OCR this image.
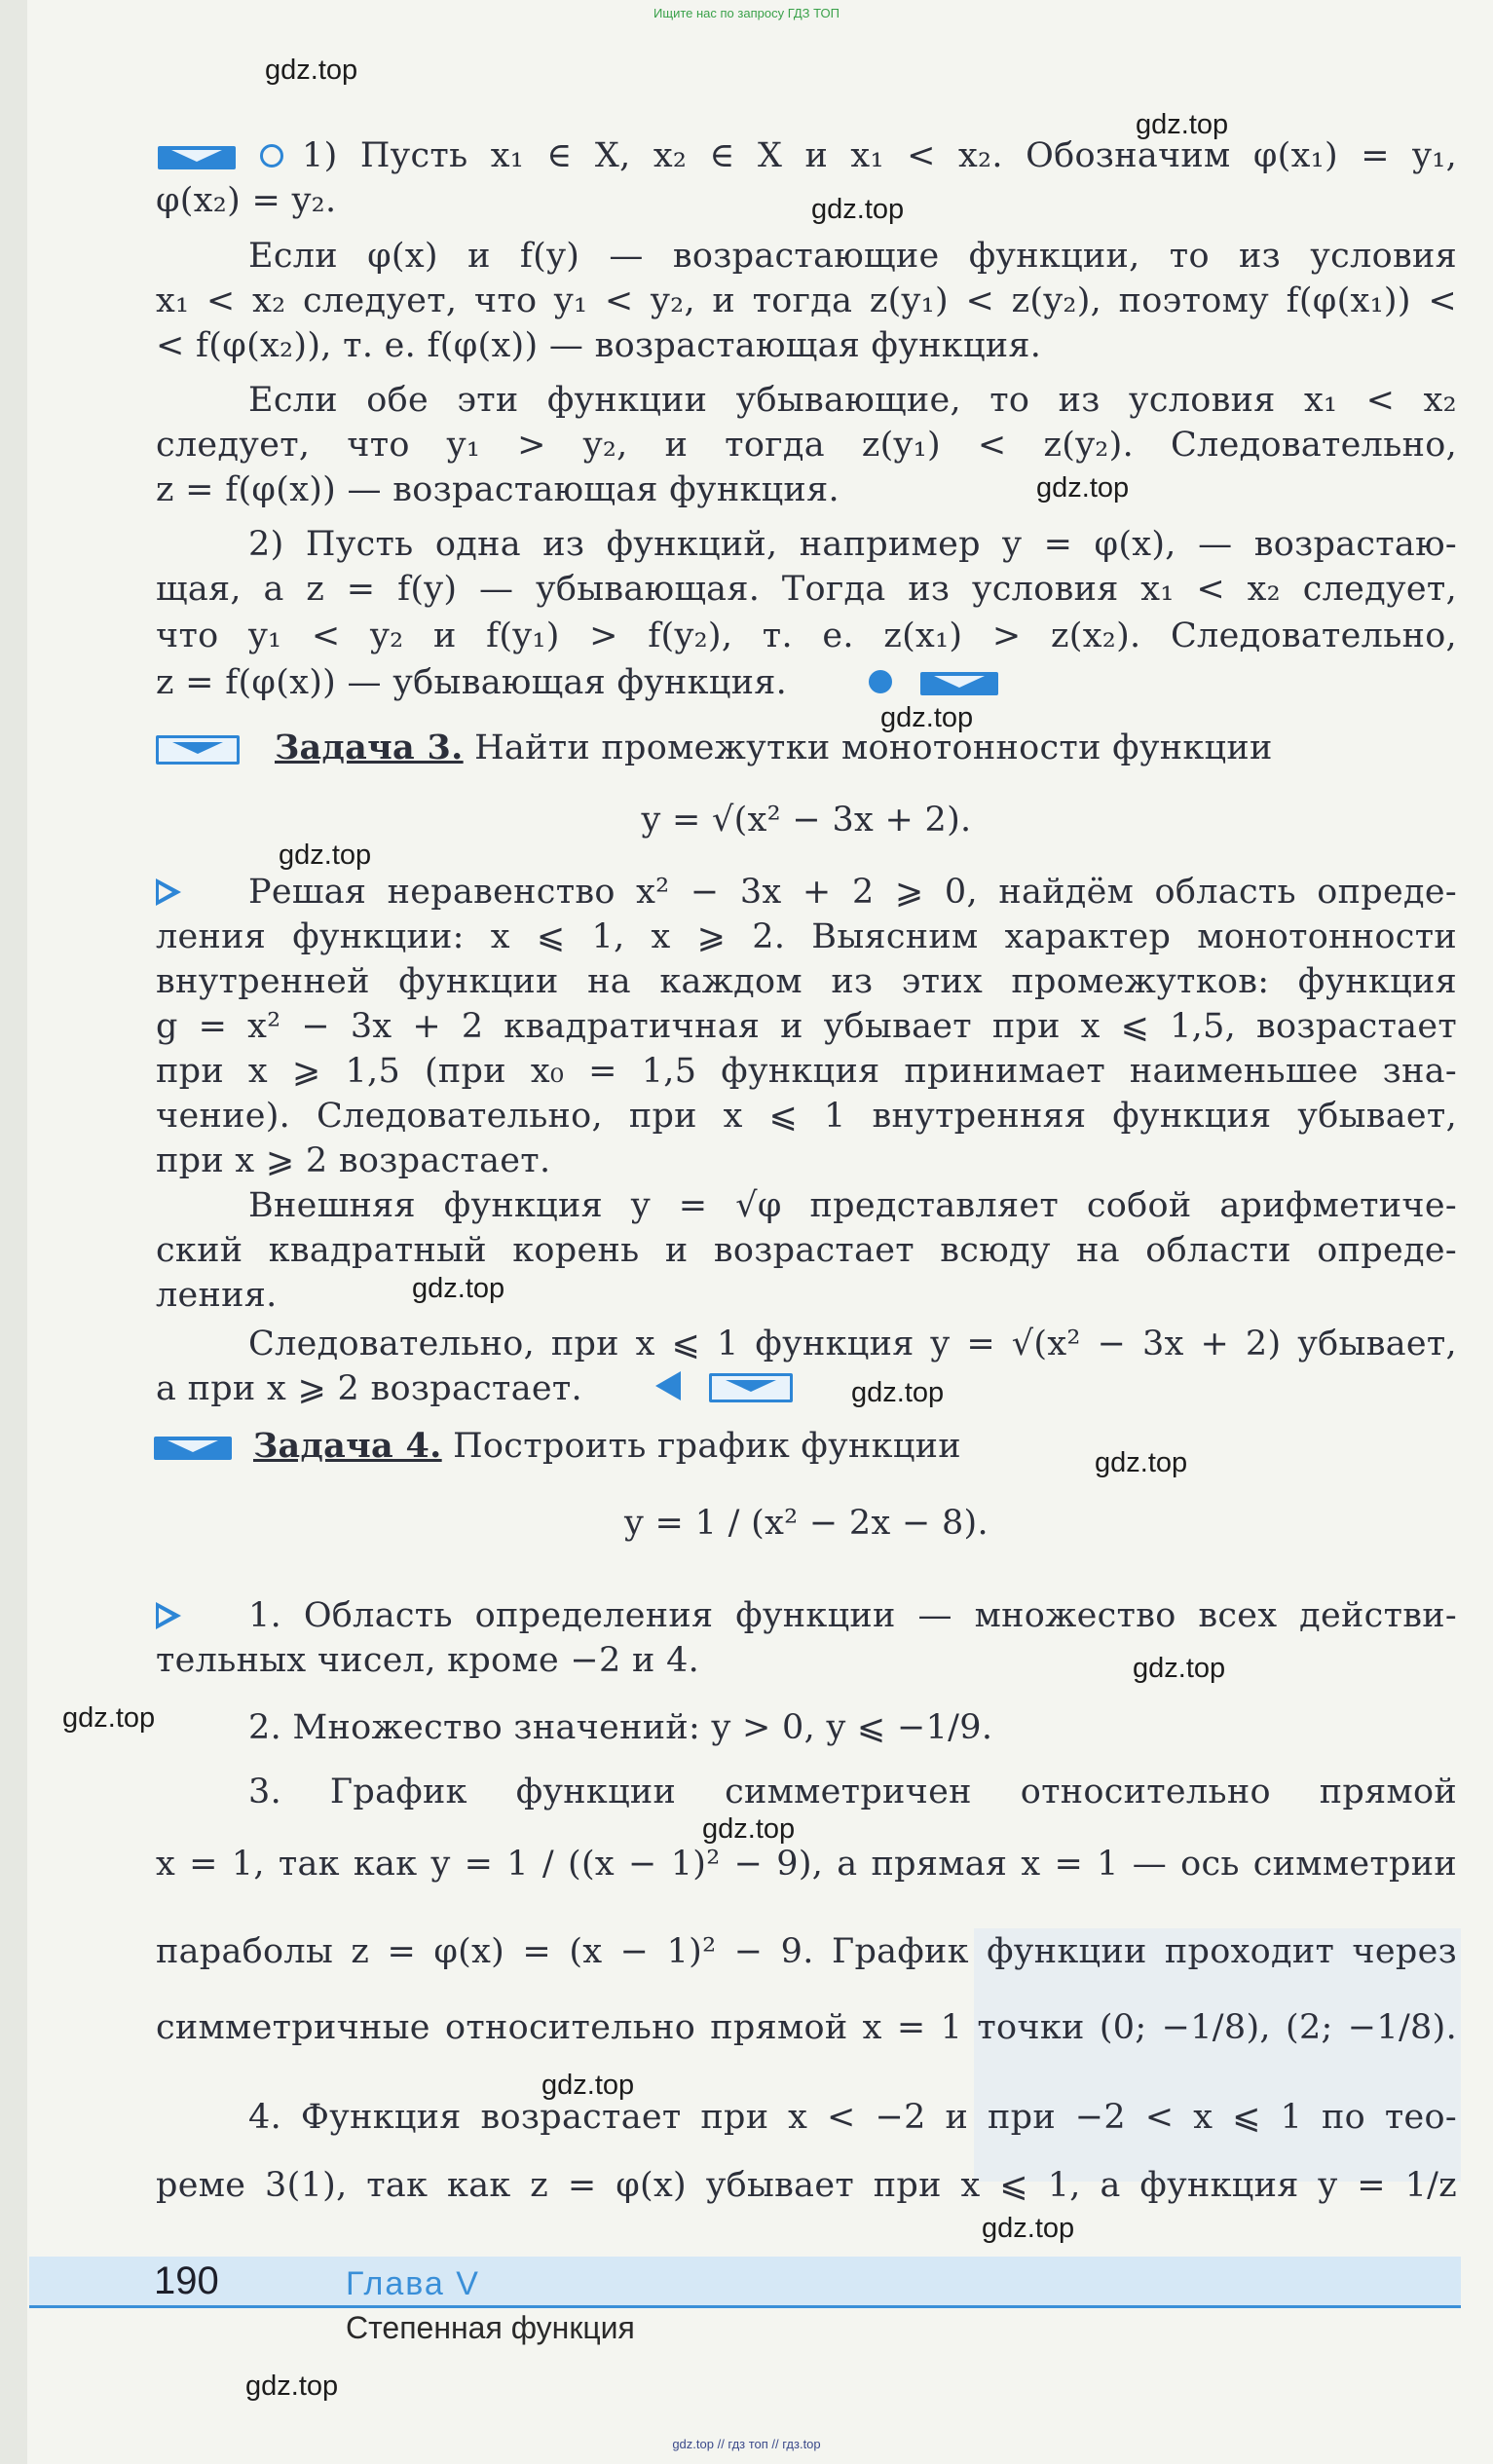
Ищите нас по запросу ГДЗ ТОП
gdz.top
gdz.top
gdz.top
gdz.top
gdz.top
gdz.top
gdz.top
gdz.top
gdz.top
gdz.top
gdz.top
gdz.top
gdz.top
gdz.top
gdz.top
1) Пусть x₁ ∈ X, x₂ ∈ X и x₁ < x₂. Обозначим φ(x₁) = y₁,
φ(x₂) = y₂.
Если φ(x) и f(y) — возрастающие функции, то из условия
x₁ < x₂ следует, что y₁ < y₂, и тогда z(y₁) < z(y₂), поэтому f(φ(x₁)) <
< f(φ(x₂)), т. е. f(φ(x)) — возрастающая функция.
Если обе эти функции убывающие, то из условия x₁ < x₂
следует, что y₁ > y₂, и тогда z(y₁) < z(y₂). Следовательно,
z = f(φ(x)) — возрастающая функция.
2) Пусть одна из функций, например y = φ(x), — возрастаю-
щая, а z = f(y) — убывающая. Тогда из условия x₁ < x₂ следует,
что y₁ < y₂ и f(y₁) > f(y₂), т. е. z(x₁) > z(x₂). Следовательно,
z = f(φ(x)) — убывающая функция.
Задача 3. Найти промежутки монотонности функции
y = √(x² − 3x + 2).
Решая неравенство x² − 3x + 2 ⩾ 0, найдём область опреде-
ления функции: x ⩽ 1, x ⩾ 2. Выясним характер монотонности
внутренней функции на каждом из этих промежутков: функция
g = x² − 3x + 2 квадратичная и убывает при x ⩽ 1,5, возрастает
при x ⩾ 1,5 (при x₀ = 1,5 функция принимает наименьшее зна-
чение). Следовательно, при x ⩽ 1 внутренняя функция убывает,
при x ⩾ 2 возрастает.
Внешняя функция y = √φ представляет собой арифметиче-
ский квадратный корень и возрастает всюду на области опреде-
ления.
Следовательно, при x ⩽ 1 функция y = √(x² − 3x + 2) убывает,
а при x ⩾ 2 возрастает.
Задача 4. Построить график функции
y = 1 / (x² − 2x − 8).
1. Область определения функции — множество всех действи-
тельных чисел, кроме −2 и 4.
2. Множество значений: y > 0, y ⩽ −1/9.
3. График функции симметричен относительно прямой
x = 1, так как y = 1 / ((x − 1)² − 9), а прямая x = 1 — ось симметрии
параболы z = φ(x) = (x − 1)² − 9. График функции проходит через
симметричные относительно прямой x = 1 точки (0; −1/8), (2; −1/8).
4. Функция возрастает при x < −2 и при −2 < x ⩽ 1 по тео-
реме 3(1), так как z = φ(x) убывает при x ⩽ 1, а функция y = 1/z
190	Глава V
Степенная функция
gdz.top // гдз топ // гдз.top
